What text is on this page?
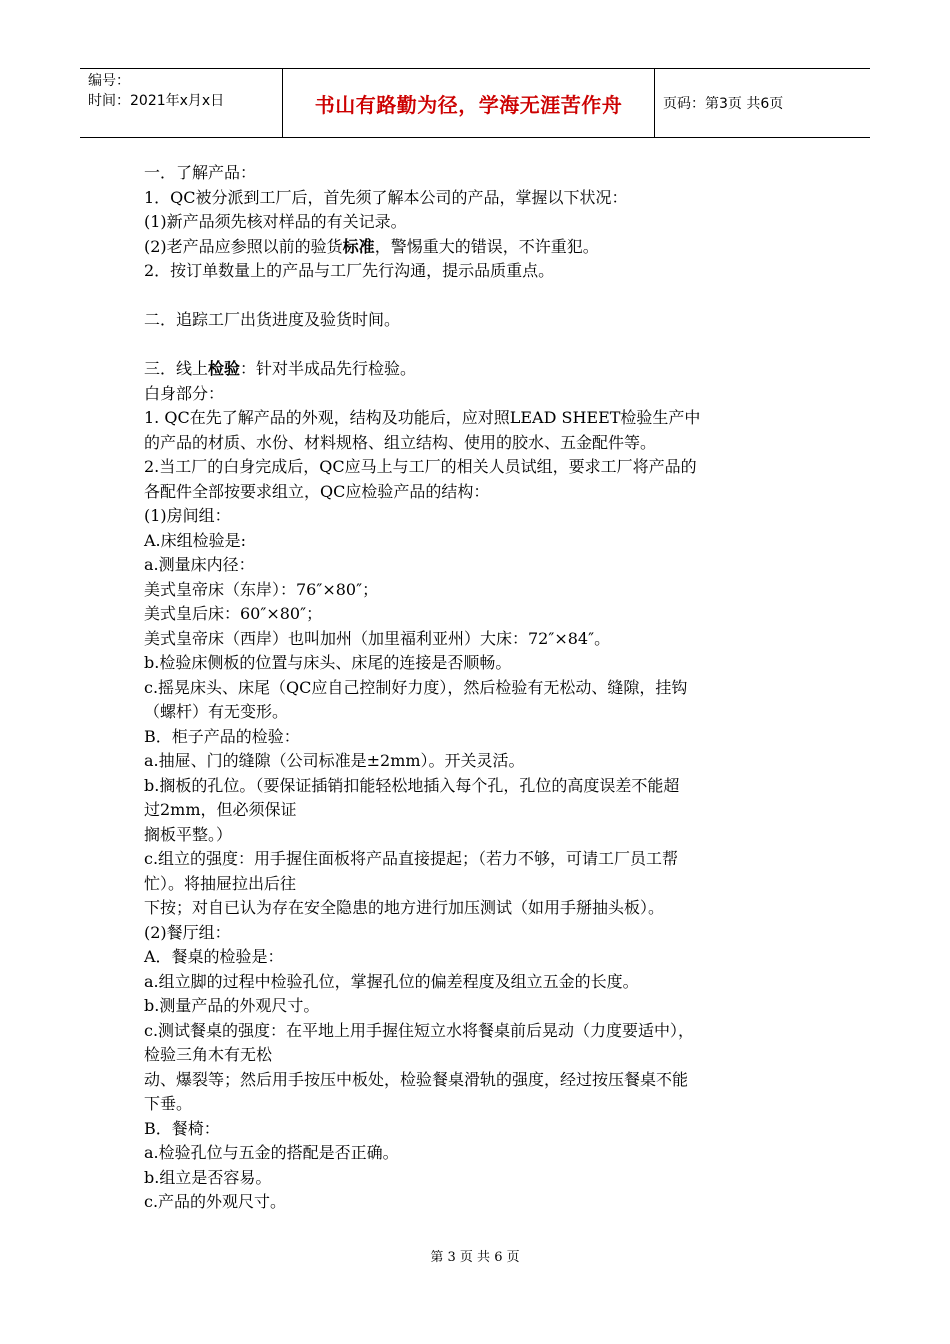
编号：
时间：2021年x月x日	书山有路勤为径，学海无涯苦作舟	页码：第3页 共6页

一．了解产品：

1．QC被分派到工厂后，首先须了解本公司的产品，掌握以下状况：

(1)新产品须先核对样品的有关记录。

(2)老产品应参照以前的验货标准，警惕重大的错误，不许重犯。

2．按订单数量上的产品与工厂先行沟通，提示品质重点。

二．追踪工厂出货进度及验货时间。

三．线上检验：针对半成品先行检验。

白身部分：

1. QC在先了解产品的外观，结构及功能后，应对照LEAD SHEET检验生产中

的产品的材质、水份、材料规格、组立结构、使用的胶水、五金配件等。

2.当工厂的白身完成后，QC应马上与工厂的相关人员试组，要求工厂将产品的

各配件全部按要求组立，QC应检验产品的结构：

(1)房间组：

A.床组检验是:

a.测量床内径：

美式皇帝床（东岸）：76″×80″；

美式皇后床：60″×80″；

美式皇帝床（西岸）也叫加州（加里福利亚州）大床：72″×84″。

b.检验床侧板的位置与床头、床尾的连接是否顺畅。

c.摇晃床头、床尾（QC应自己控制好力度），然后检验有无松动、缝隙，挂钩

（螺杆）有无变形。

B．柜子产品的检验：

a.抽屉、门的缝隙（公司标准是±2mm）。开关灵活。

b.搁板的孔位。（要保证插销扣能轻松地插入每个孔，孔位的高度误差不能超

过2mm，但必须保证

搁板平整。）

c.组立的强度：用手握住面板将产品直接提起；（若力不够，可请工厂员工帮

忙）。将抽屉拉出后往

下按；对自已认为存在安全隐患的地方进行加压测试（如用手掰抽头板）。

(2)餐厅组：

A．餐桌的检验是：

a.组立脚的过程中检验孔位，掌握孔位的偏差程度及组立五金的长度。

b.测量产品的外观尺寸。

c.测试餐桌的强度：在平地上用手握住短立水将餐桌前后晃动（力度要适中），

检验三角木有无松

动、爆裂等；然后用手按压中板处，检验餐桌滑轨的强度，经过按压餐桌不能

下垂。

B．餐椅：

a.检验孔位与五金的搭配是否正确。

b.组立是否容易。

c.产品的外观尺寸。

第 3 页 共 6 页
